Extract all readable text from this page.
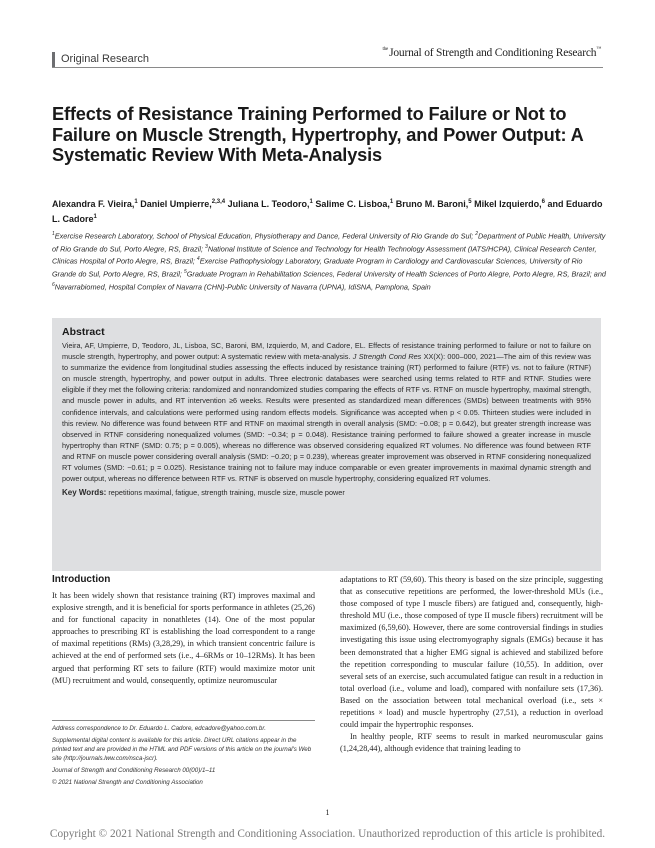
Original Research
$^{the}$Journal of Strength and Conditioning Research™
Effects of Resistance Training Performed to Failure or Not to Failure on Muscle Strength, Hypertrophy, and Power Output: A Systematic Review With Meta-Analysis
Alexandra F. Vieira,$^1$ Daniel Umpierre,$^{2,3,4}$ Juliana L. Teodoro,$^1$ Salime C. Lisboa,$^1$ Bruno M. Baroni,$^5$ Mikel Izquierdo,$^6$ and Eduardo L. Cadore$^1$
$^1$Exercise Research Laboratory, School of Physical Education, Physiotherapy and Dance, Federal University of Rio Grande do Sul; $^2$Department of Public Health, University of Rio Grande do Sul, Porto Alegre, RS, Brazil; $^3$National Institute of Science and Technology for Health Technology Assessment (IATS/HCPA), Clinical Research Center, Clinicas Hospital of Porto Alegre, RS, Brazil; $^4$Exercise Pathophysiology Laboratory, Graduate Program in Cardiology and Cardiovascular Sciences, University of Rio Grande do Sul, Porto Alegre, RS, Brazil; $^5$Graduate Program in Rehabilitation Sciences, Federal University of Health Sciences of Porto Alegre, Porto Alegre, RS, Brazil; and $^6$Navarrabiomed, Hospital Complex of Navarra (CHN)-Public University of Navarra (UPNA), IdiSNA, Pamplona, Spain
Abstract
Vieira, AF, Umpierre, D, Teodoro, JL, Lisboa, SC, Baroni, BM, Izquierdo, M, and Cadore, EL. Effects of resistance training performed to failure or not to failure on muscle strength, hypertrophy, and power output: A systematic review with meta-analysis. J Strength Cond Res XX(X): 000–000, 2021—The aim of this review was to summarize the evidence from longitudinal studies assessing the effects induced by resistance training (RT) performed to failure (RTF) vs. not to failure (RTNF) on muscle strength, hypertrophy, and power output in adults. Three electronic databases were searched using terms related to RTF and RTNF. Studies were eligible if they met the following criteria: randomized and nonrandomized studies comparing the effects of RTF vs. RTNF on muscle hypertrophy, maximal strength, and muscle power in adults, and RT intervention ≥6 weeks. Results were presented as standardized mean differences (SMDs) between treatments with 95% confidence intervals, and calculations were performed using random effects models. Significance was accepted when p < 0.05. Thirteen studies were included in this review. No difference was found between RTF and RTNF on maximal strength in overall analysis (SMD: −0.08; p = 0.642), but greater strength increase was observed in RTNF considering nonequalized volumes (SMD: −0.34; p = 0.048). Resistance training performed to failure showed a greater increase in muscle hypertrophy than RTNF (SMD: 0.75; p = 0.005), whereas no difference was observed considering equalized RT volumes. No difference was found between RTF and RTNF on muscle power considering overall analysis (SMD: −0.20; p = 0.239), whereas greater improvement was observed in RTNF considering nonequalized RT volumes (SMD: −0.61; p = 0.025). Resistance training not to failure may induce comparable or even greater improvements in maximal dynamic strength and power output, whereas no difference between RTF vs. RTNF is observed on muscle hypertrophy, considering equalized RT volumes.
Key Words: repetitions maximal, fatigue, strength training, muscle size, muscle power
Introduction

It has been widely shown that resistance training (RT) improves maximal and explosive strength, and it is beneficial for sports performance in athletes (25,26) and for functional capacity in nonathletes (14). One of the most popular approaches to prescribing RT is establishing the load correspondent to a range of maximal repetitions (RMs) (3,28,29), in which transient concentric failure is achieved at the end of performed sets (i.e., 4–6RMs or 10–12RMs). It has been argued that performing RT sets to failure (RTF) would maximize motor unit (MU) recruitment and would, consequently, optimize neuromuscular

Address correspondence to Dr. Eduardo L. Cadore, edcadore@yahoo.com.br.

Supplemental digital content is available for this article. Direct URL citations appear in the printed text and are provided in the HTML and PDF versions of this article on the journal's Web site (http://journals.lww.com/nsca-jscr).

Journal of Strength and Conditioning Research 00(00)/1–11

© 2021 National Strength and Conditioning Association

adaptations to RT (59,60). This theory is based on the size principle, suggesting that as consecutive repetitions are performed, the lower-threshold MUs (i.e., those composed of type I muscle fibers) are fatigued and, consequently, high-threshold MU (i.e., those composed of type II muscle fibers) recruitment will be maximized (6,59,60). However, there are some controversial findings in studies investigating this issue using electromyography signals (EMGs) because it has been demonstrated that a higher EMG signal is achieved and stabilized before the repetition corresponding to muscular failure (10,55). In addition, over several sets of an exercise, such accumulated fatigue can result in a reduction in total overload (i.e., volume and load), compared with nonfailure sets (17,36). Based on the association between total mechanical overload (i.e., sets × repetitions × load) and muscle hypertrophy (27,51), a reduction in overload could impair the hypertrophic responses.

In healthy people, RTF seems to result in marked neuromuscular gains (1,24,28,44), although evidence that training leading to

1
Copyright © 2021 National Strength and Conditioning Association. Unauthorized reproduction of this article is prohibited.
